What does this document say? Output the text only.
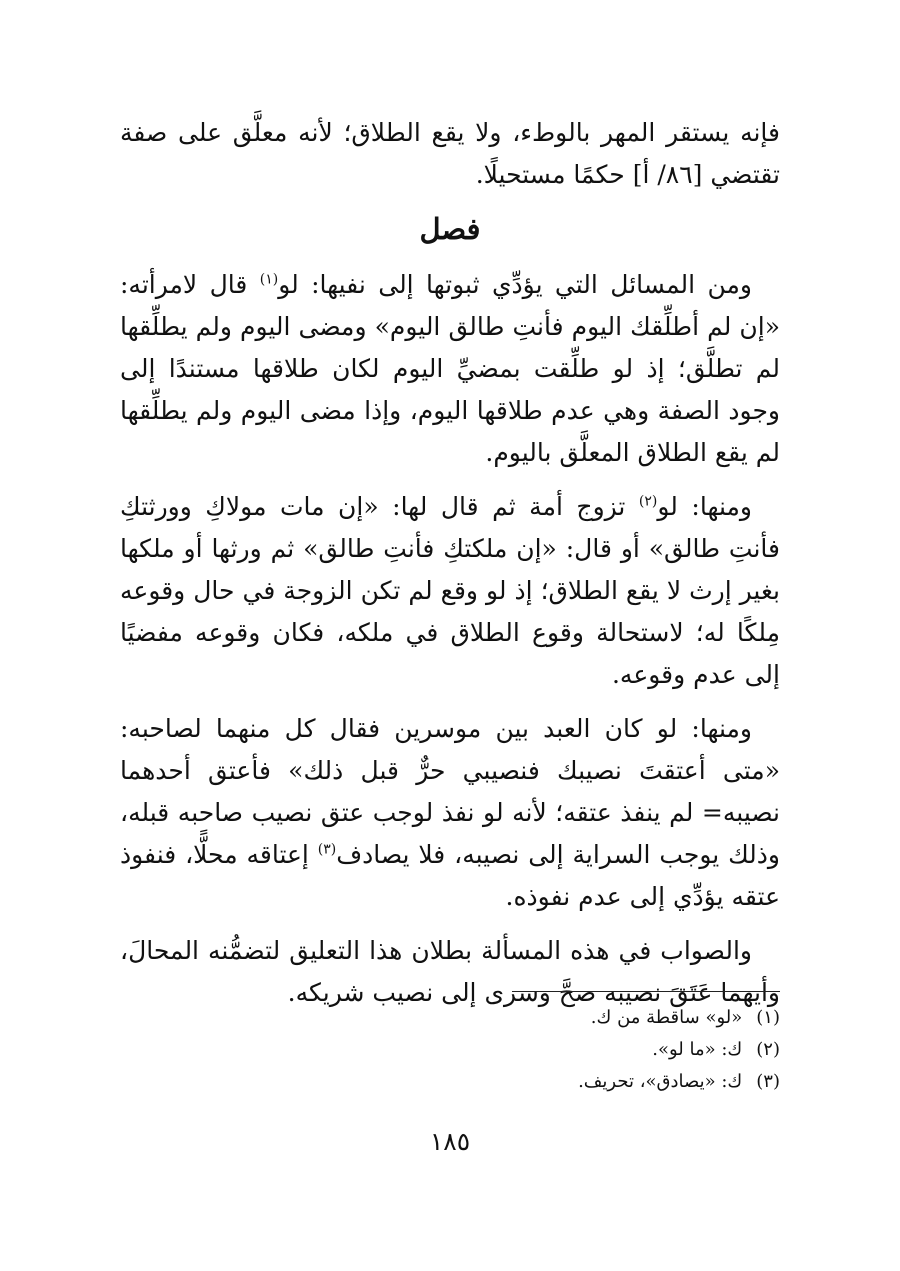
فإنه يستقر المهر بالوطء، ولا يقع الطلاق؛ لأنه معلَّق على صفة تقتضي [٨٦/ أ] حكمًا مستحيلًا.

فصل

ومن المسائل التي يؤدِّي ثبوتها إلى نفيها: لو$^{(١)}$ قال لامرأته: «إن لم أطلِّقك اليوم فأنتِ طالق اليوم» ومضى اليوم ولم يطلِّقها لم تطلَّق؛ إذ لو طلِّقت بمضيِّ اليوم لكان طلاقها مستندًا إلى وجود الصفة وهي عدم طلاقها اليوم، وإذا مضى اليوم ولم يطلِّقها لم يقع الطلاق المعلَّق باليوم.

ومنها: لو$^{(٢)}$ تزوج أمة ثم قال لها: «إن مات مولاكِ وورثتكِ فأنتِ طالق» أو قال: «إن ملكتكِ فأنتِ طالق» ثم ورثها أو ملكها بغير إرث لا يقع الطلاق؛ إذ لو وقع لم تكن الزوجة في حال وقوعه مِلكًا له؛ لاستحالة وقوع الطلاق في ملكه، فكان وقوعه مفضيًا إلى عدم وقوعه.

ومنها: لو كان العبد بين موسرين فقال كل منهما لصاحبه: «متى أعتقتَ نصيبك فنصيبي حرٌّ قبل ذلك» فأعتق أحدهما نصيبه= لم ينفذ عتقه؛ لأنه لو نفذ لوجب عتق نصيب صاحبه قبله، وذلك يوجب السراية إلى نصيبه، فلا يصادف$^{(٣)}$ إعتاقه محلًّا، فنفوذ عتقه يؤدِّي إلى عدم نفوذه.

والصواب في هذه المسألة بطلان هذا التعليق لتضمُّنه المحالَ، وأيهما عَتَقَ نصيبه صحَّ وسرى إلى نصيب شريكه.

(١) «لو» ساقطة من ك.

(٢) ك: «ما لو».

(٣) ك: «يصادق»، تحريف.

١٨٥
